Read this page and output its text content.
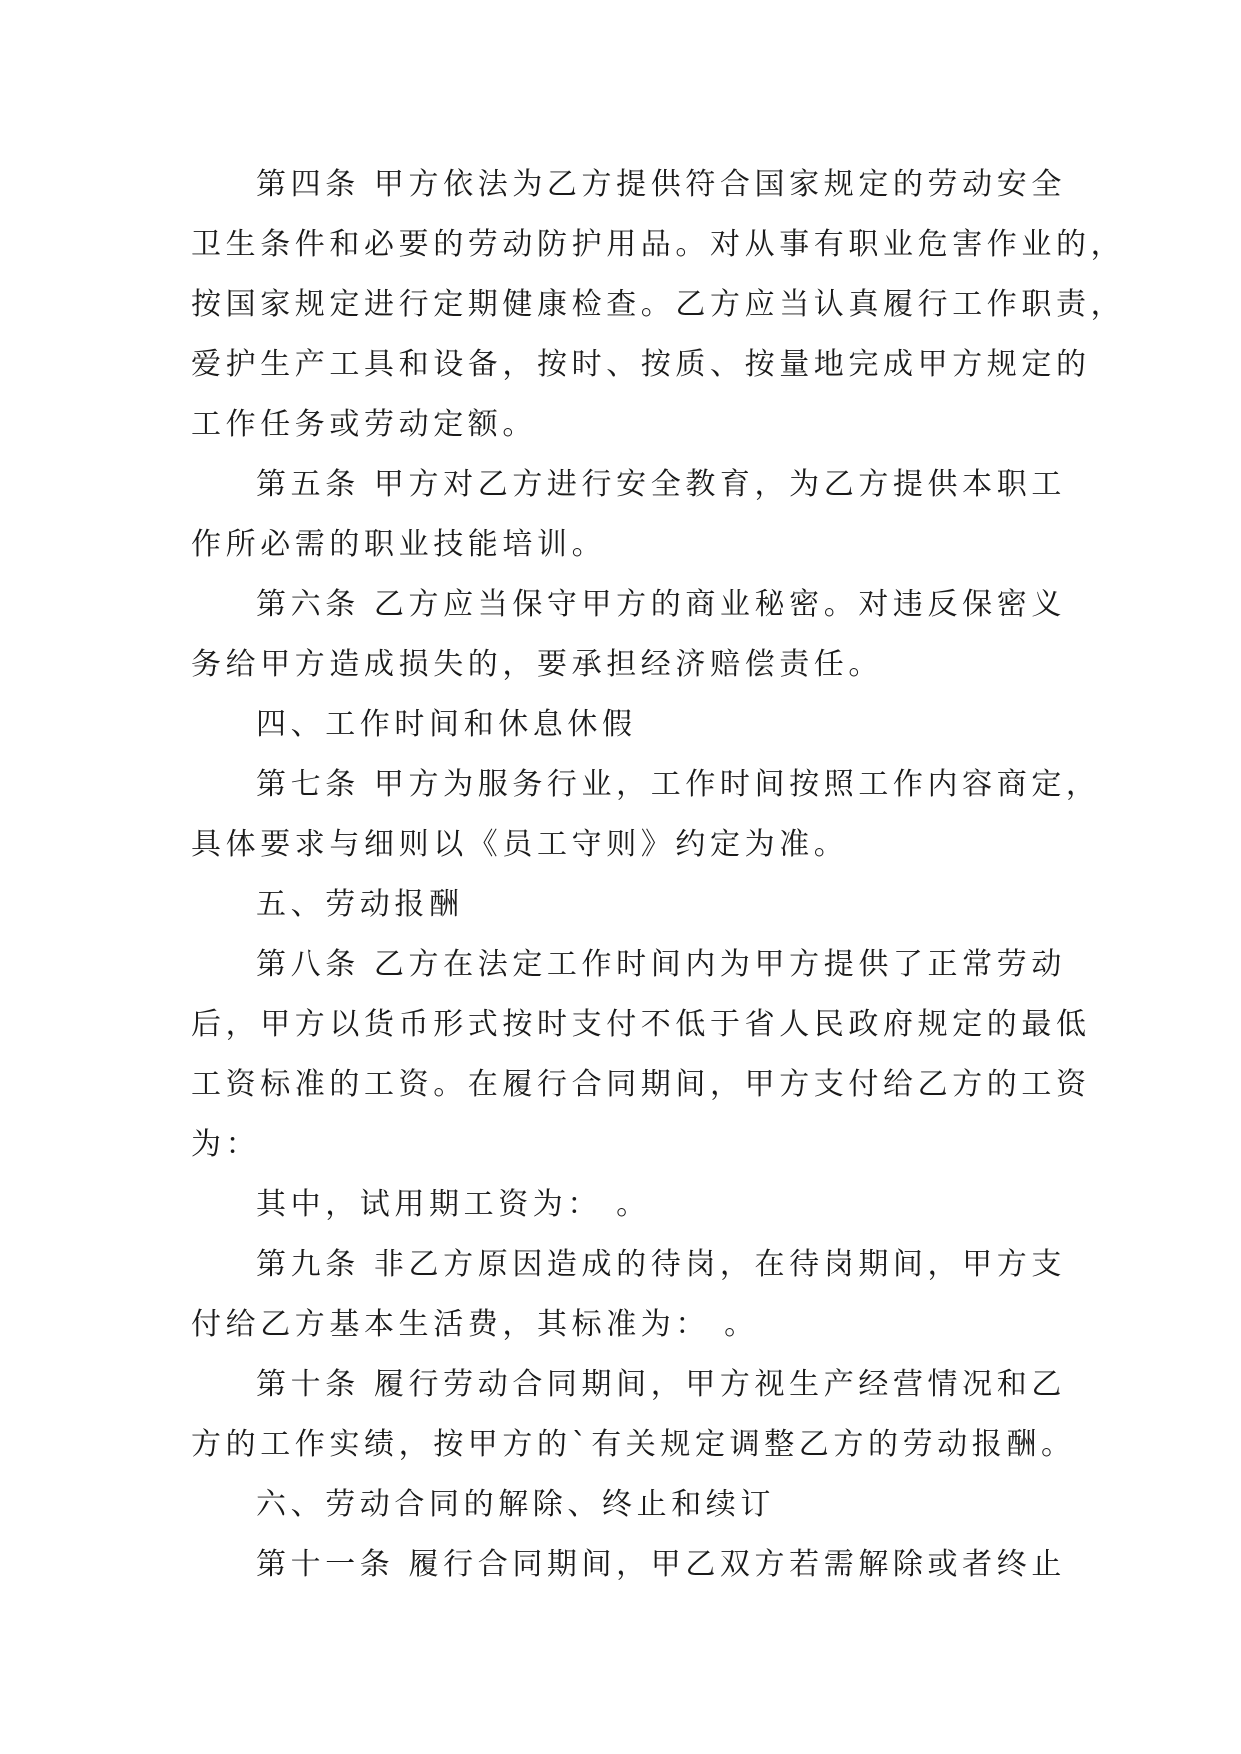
第四条 甲方依法为乙方提供符合国家规定的劳动安全
卫生条件和必要的劳动防护用品。对从事有职业危害作业的，
按国家规定进行定期健康检查。乙方应当认真履行工作职责，
爱护生产工具和设备，按时、按质、按量地完成甲方规定的
工作任务或劳动定额。
第五条 甲方对乙方进行安全教育，为乙方提供本职工
作所必需的职业技能培训。
第六条 乙方应当保守甲方的商业秘密。对违反保密义
务给甲方造成损失的，要承担经济赔偿责任。
四、工作时间和休息休假
第七条 甲方为服务行业，工作时间按照工作内容商定，
具体要求与细则以《员工守则》约定为准。
五、劳动报酬
第八条 乙方在法定工作时间内为甲方提供了正常劳动
后，甲方以货币形式按时支付不低于省人民政府规定的最低
工资标准的工资。在履行合同期间，甲方支付给乙方的工资
为：
其中，试用期工资为： 。
第九条 非乙方原因造成的待岗，在待岗期间，甲方支
付给乙方基本生活费，其标准为： 。
第十条 履行劳动合同期间，甲方视生产经营情况和乙
方的工作实绩，按甲方的`有关规定调整乙方的劳动报酬。
六、劳动合同的解除、终止和续订
第十一条 履行合同期间，甲乙双方若需解除或者终止
